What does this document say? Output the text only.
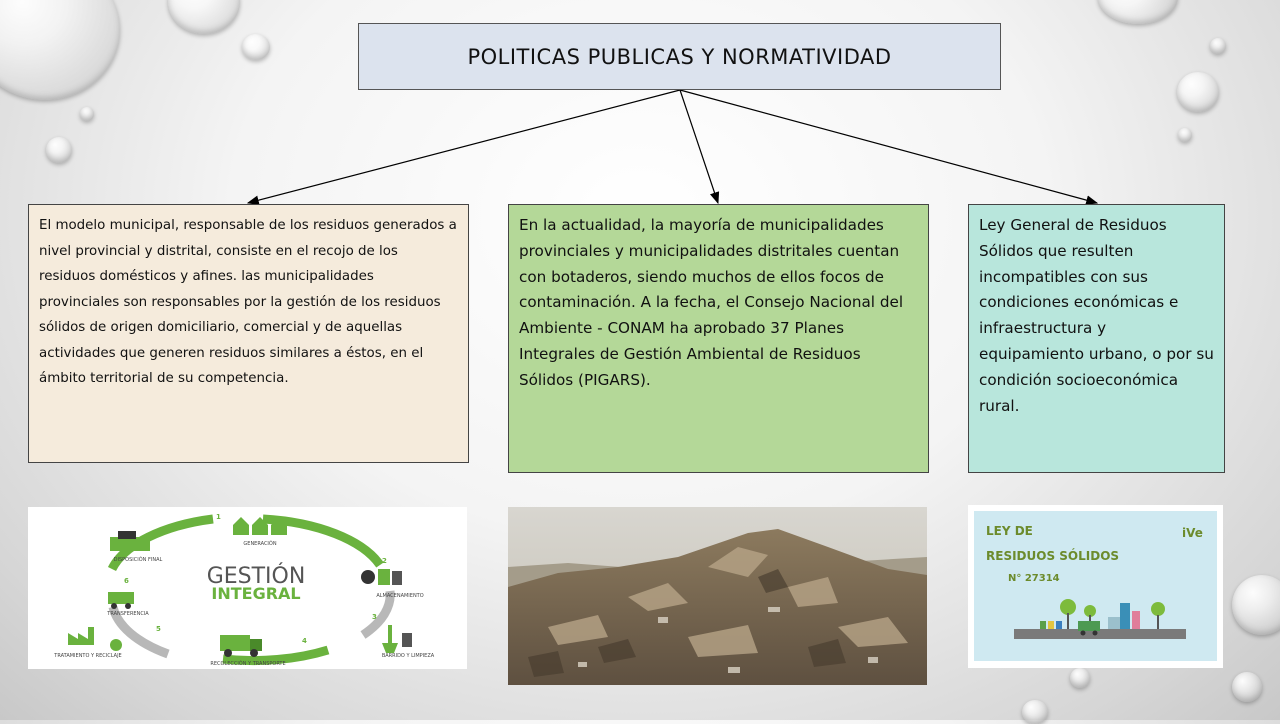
POLITICAS PUBLICAS Y NORMATIVIDAD
El modelo municipal, responsable de los residuos generados a nivel provincial y distrital, consiste en el recojo de los residuos domésticos y afines. las municipalidades provinciales son responsables por la gestión de los residuos sólidos de origen domiciliario, comercial y de aquellas actividades que generen residuos similares a éstos, en el ámbito territorial de su competencia.
En la actualidad, la mayoría de municipalidades provinciales y municipalidades distritales cuentan con botaderos, siendo muchos de ellos focos de contaminación. A la fecha, el Consejo Nacional del Ambiente - CONAM ha aprobado 37 Planes Integrales de Gestión Ambiental de Residuos Sólidos (PIGARS).
Ley General de Residuos Sólidos que resulten incompatibles con sus condiciones económicas e infraestructura y equipamiento urbano, o por su condición socioeconómica rural.
GESTIÓN
INTEGRAL
GENERACIÓN
ALMACENAMIENTO
BARRIDO Y LIMPIEZA
RECOLECCIÓN Y TRANSPORTE
TRATAMIENTO Y RECICLAJE
TRANSFERENCIA
DISPOSICIÓN FINAL
1
2
3
4
5
6
LEY DE
RESIDUOS SÓLIDOS
N° 27314
iVe
